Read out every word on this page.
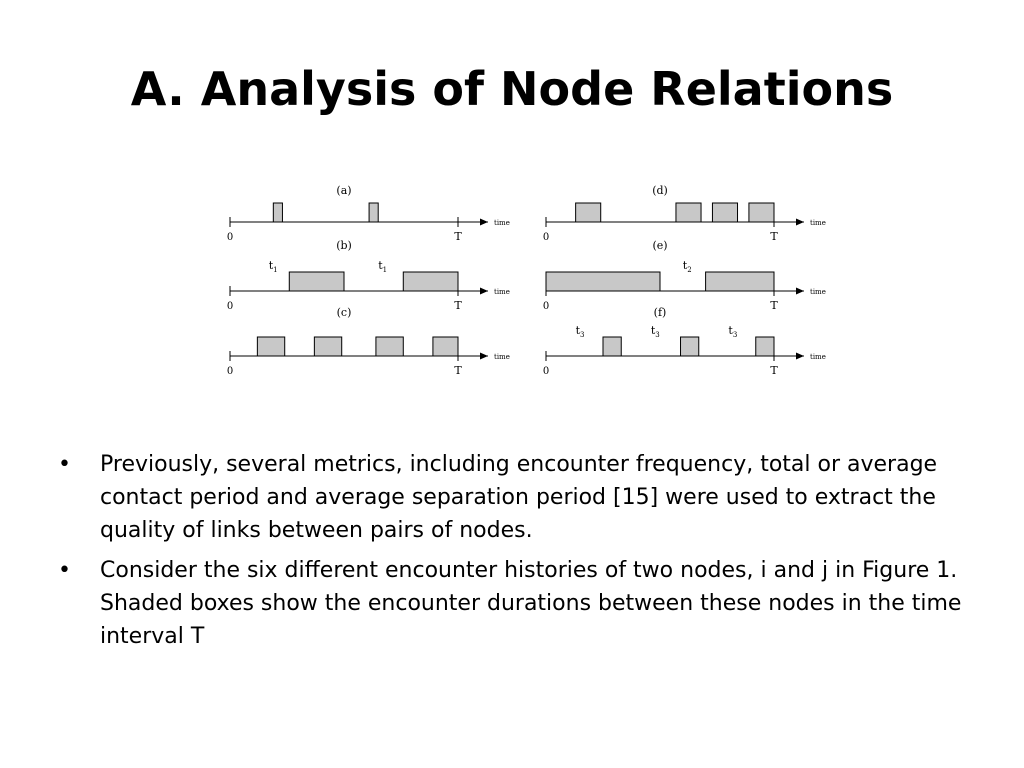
A. Analysis of Node Relations
(a)
0	T
time
(b)
0	T
time
$t_1$	$t_1$
(c)
0	T
time
(d)
0	T
time
(e)
0	T
time
$t_2$
(f)
0	T
time
$t_3$	$t_3$	$t_3$
• Previously, several metrics, including encounter frequency, total or average contact period and average separation period [15] were used to extract the quality of links between pairs of nodes.
• Consider the six different encounter histories of two nodes, i and j in Figure 1. Shaded boxes show the encounter durations between these nodes in the time interval T
